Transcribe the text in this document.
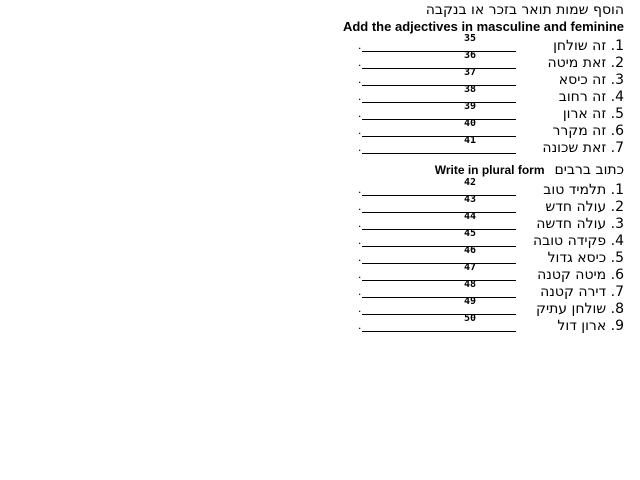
הוסף שמות תואר בזכר או בנקבה
Add the adjectives in masculine and feminine
35
.	1. זה שולחן
36
.	2. זאת מיטה
37
.	3. זה כיסא
38
.	4. זה רחוב
39
.	5. זה ארון
40
.	6. זה מקרר
41
.	7. זאת שכונה
Write in plural form כתוב ברבים
42
.	1. תלמיד טוב
43
.	2. עולה חדש
44
.	3. עולה חדשה
45
.	4. פקידה טובה
46
.	5. כיסא גדול
47
.	6. מיטה קטנה
48
.	7. דירה קטנה
49
.	8. שולחן עתיק
50
.	9. ארון דול
